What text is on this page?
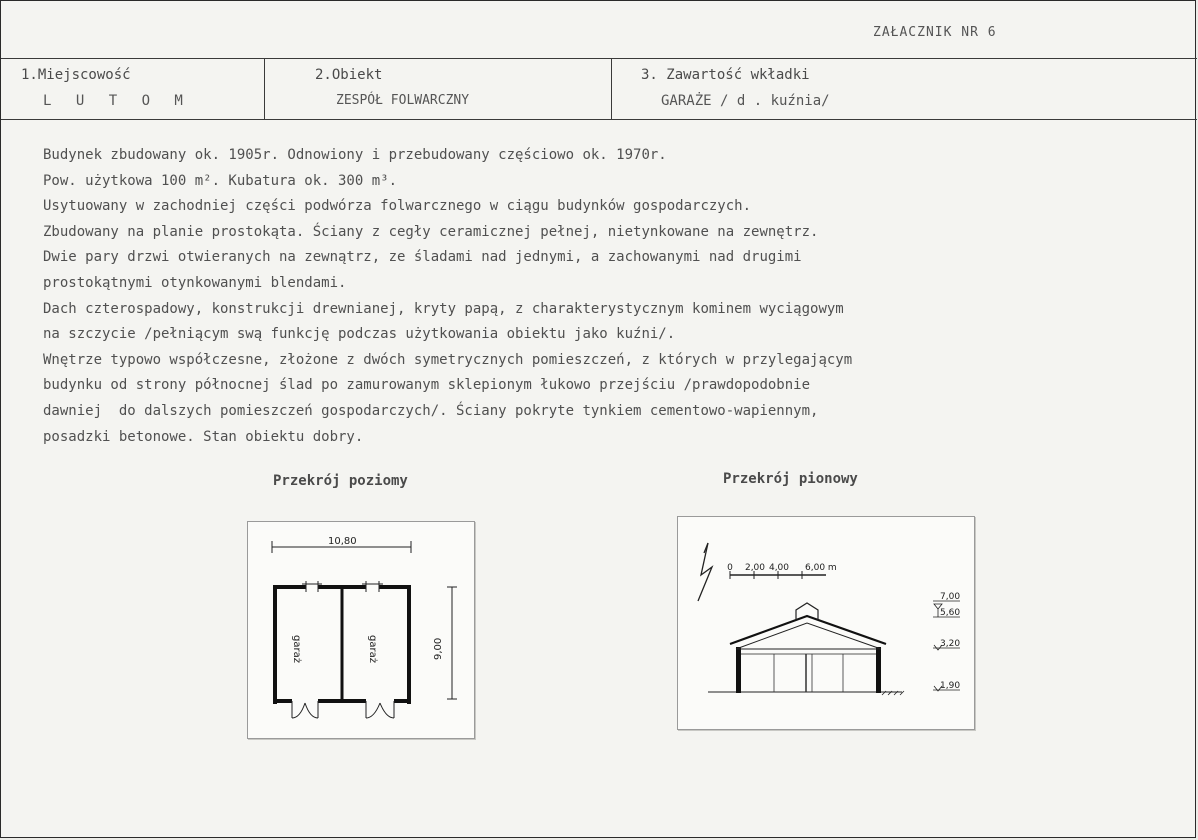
ZAŁACZNIK NR 6
1.Miejscowość
L U T O M
2.Obiekt
ZESPÓŁ FOLWARCZNY
3. Zawartość wkładki
GARAŻE / d . kuźnia/

Budynek zbudowany ok. 1905r. Odnowiony i przebudowany częściowo ok. 1970r.

Pow. użytkowa 100 m². Kubatura ok. 300 m³.

Usytuowany w zachodniej części podwórza folwarcznego w ciągu budynków gospodarczych.

Zbudowany na planie prostokąta. Ściany z cegły ceramicznej pełnej, nietynkowane na zewnętrz.

Dwie pary drzwi otwieranych na zewnątrz, ze śladami nad jednymi, a zachowanymi nad drugimi

prostokątnymi otynkowanymi blendami.

Dach czterospadowy, konstrukcji drewnianej, kryty papą, z charakterystycznym kominem wyciągowym

na szczycie /pełniącym swą funkcję podczas użytkowania obiektu jako kuźni/.

Wnętrze typowo współczesne, złożone z dwóch symetrycznych pomieszczeń, z których w przylegającym

budynku od strony północnej ślad po zamurowanym sklepionym łukowo przejściu /prawdopodobnie

dawniej  do dalszych pomieszczeń gospodarczych/. Ściany pokryte tynkiem cementowo-wapiennym,

posadzki betonowe. Stan obiektu dobry.

Przekrój poziomy	Przekrój pionowy
10,80
9,00
garaż	garaż
0 2,00 4,00 6,00 m
7,00
5,60
3,20
1,90
